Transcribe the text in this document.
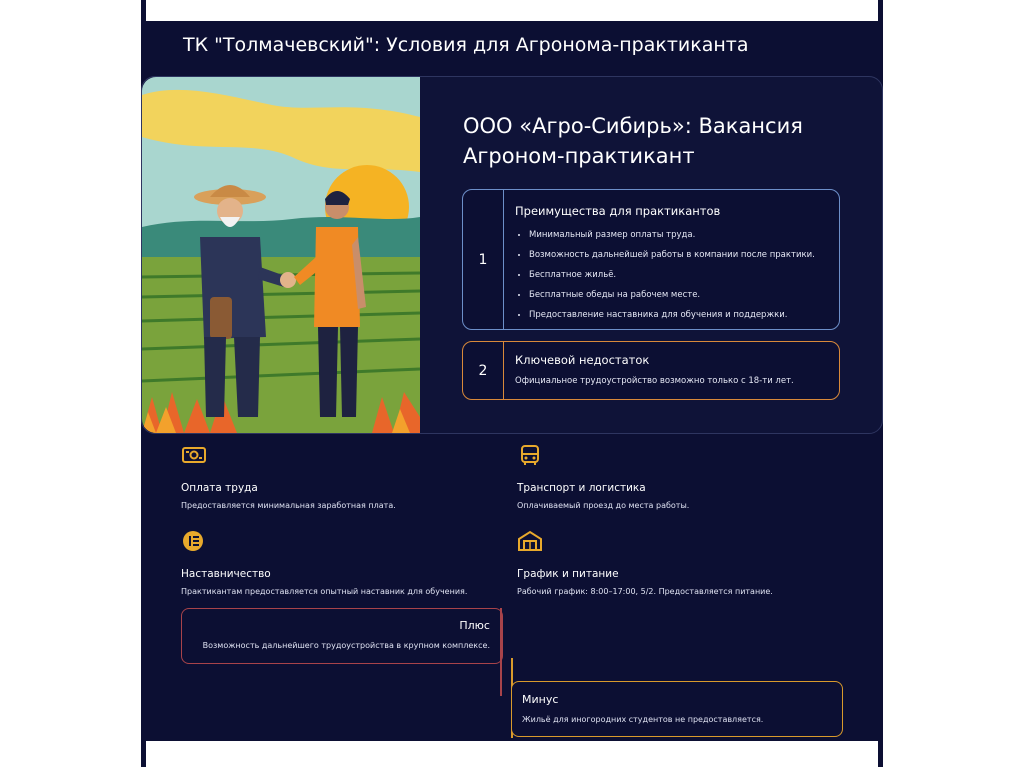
ТК "Толмачевский": Условия для Агронома-практиканта
ООО «Агро-Сибирь»: Вакансия
Агроном-практикант
1
Преимущества для практикантов
• Минимальный размер оплаты труда.
• Возможность дальнейшей работы в компании после практики.
• Бесплатное жильё.
• Бесплатные обеды на рабочем месте.
• Предоставление наставника для обучения и поддержки.
2
Ключевой недостаток
Официальное трудоустройство возможно только с 18-ти лет.
Оплата труда
Предоставляется минимальная заработная плата.
Транспорт и логистика
Оплачиваемый проезд до места работы.
Наставничество
Практикантам предоставляется опытный наставник для обучения.
График и питание
Рабочий график: 8:00–17:00, 5/2. Предоставляется питание.
Плюс
Возможность дальнейшего трудоустройства в крупном комплексе.
Минус
Жильё для иногородних студентов не предоставляется.
